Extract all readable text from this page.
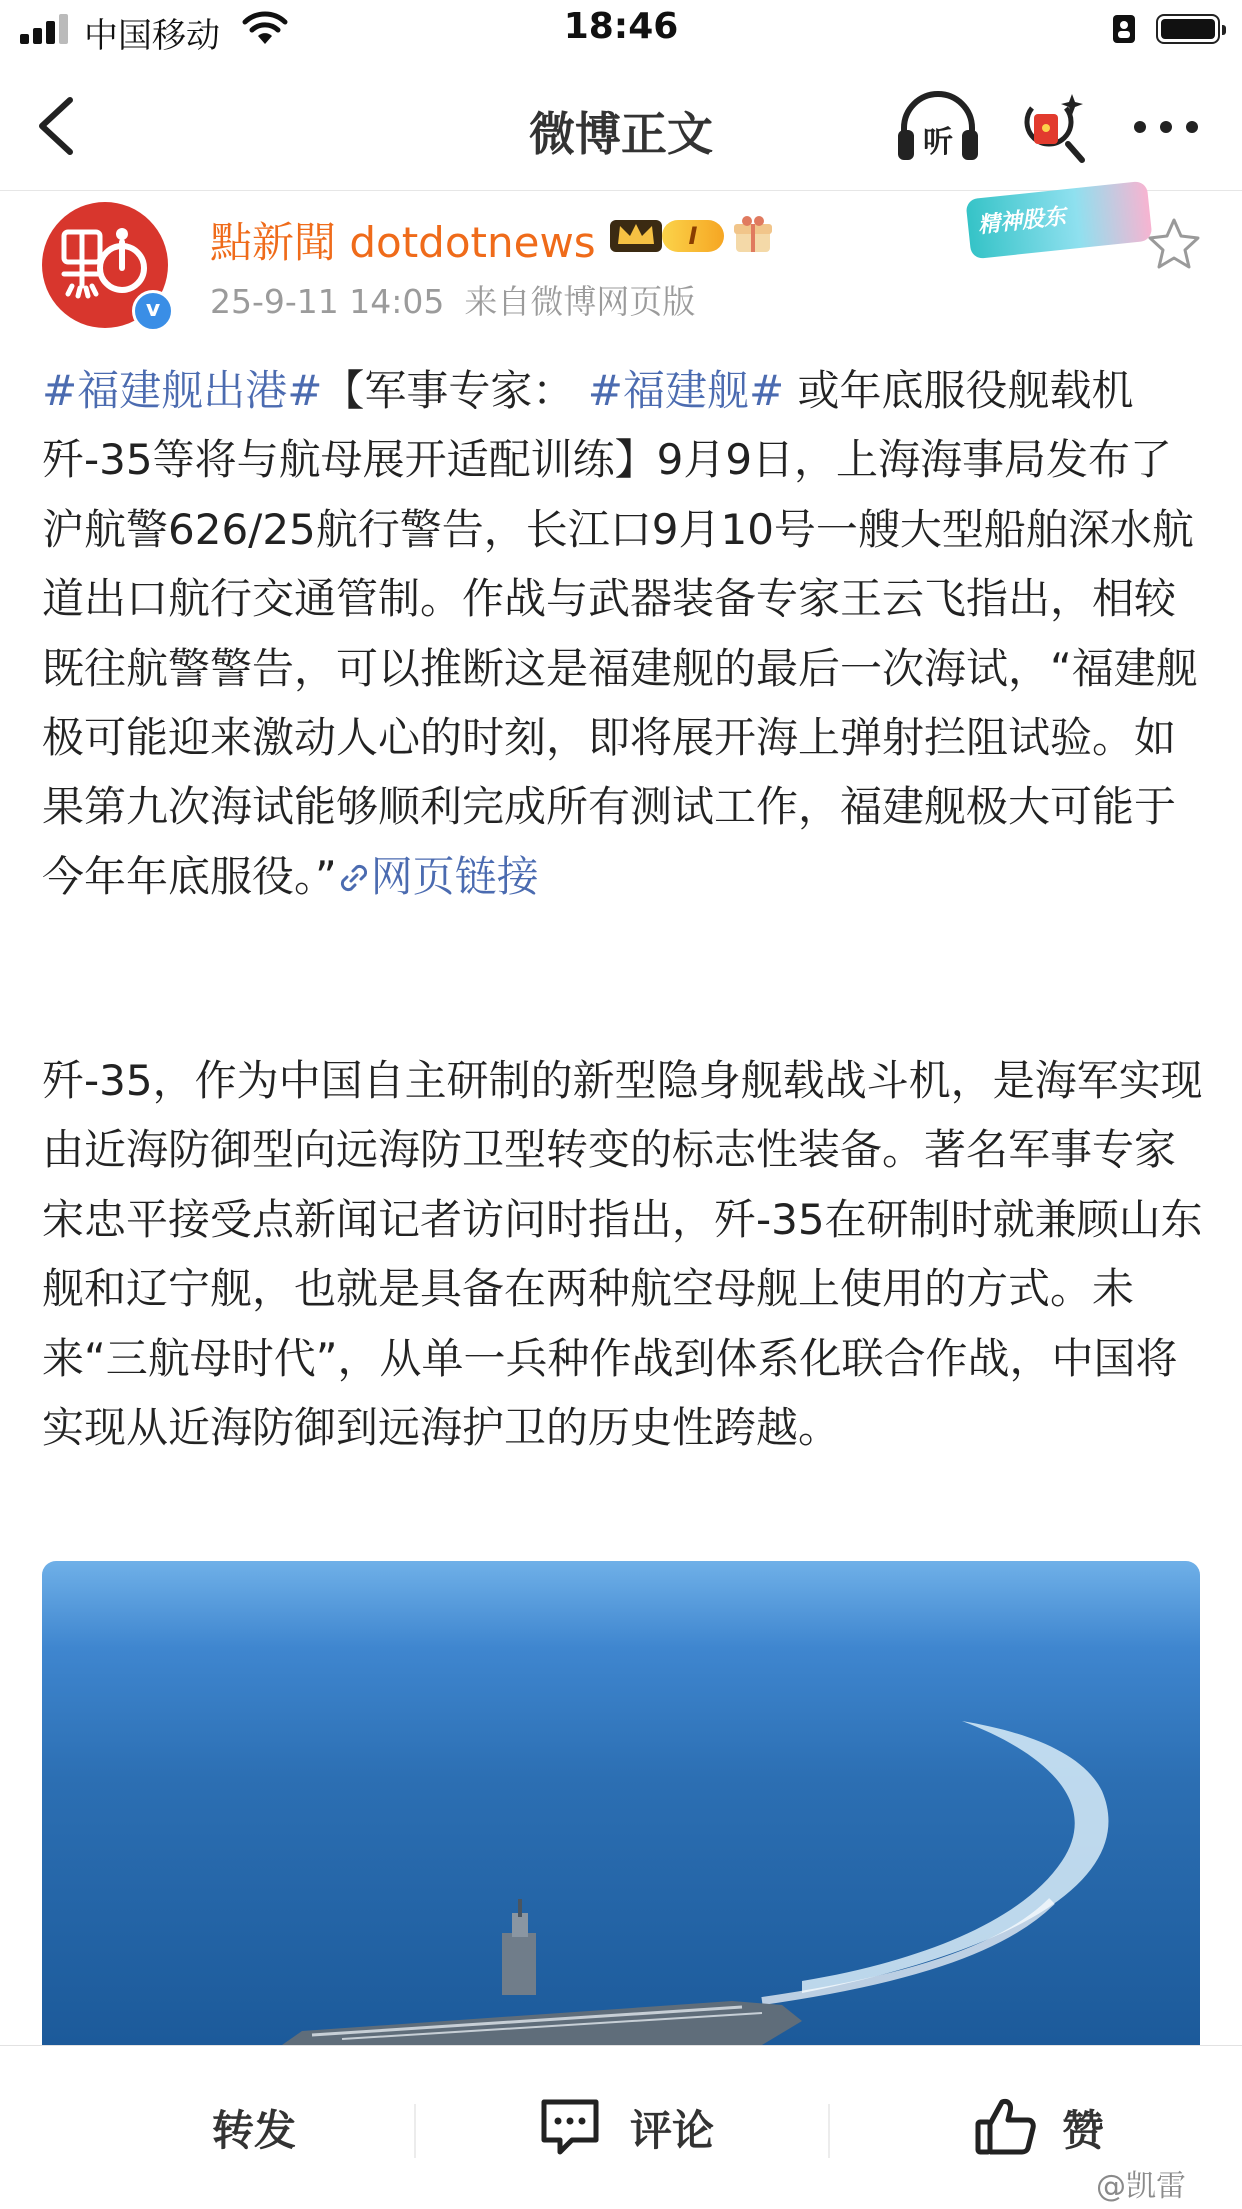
中国移动	18:46
微博正文	听
v
點新聞 dotdotnews	I
25-9-11 14:05 来自微博网页版
精神股东

#福建舰出港#【军事专家： #福建舰# 或年底服役舰载机歼-35等将与航母展开适配训练】9月9日，上海海事局发布了沪航警626/25航行警告，长江口9月10号一艘大型船舶深水航道出口航行交通管制。作战与武器装备专家王云飞指出，相较既往航警警告，可以推断这是福建舰的最后一次海试，“福建舰极可能迎来激动人心的时刻，即将展开海上弹射拦阻试验。如果第九次海试能够顺利完成所有测试工作，福建舰极大可能于今年年底服役。” 网页链接

歼-35，作为中国自主研制的新型隐身舰载战斗机，是海军实现由近海防御型向远海防卫型转变的标志性装备。著名军事专家宋忠平接受点新闻记者访问时指出，歼-35在研制时就兼顾山东舰和辽宁舰，也就是具备在两种航空母舰上使用的方式。未来“三航母时代”，从单一兵种作战到体系化联合作战，中国将实现从近海防御到远海护卫的历史性跨越。

转发	评论	赞
@凯雷
